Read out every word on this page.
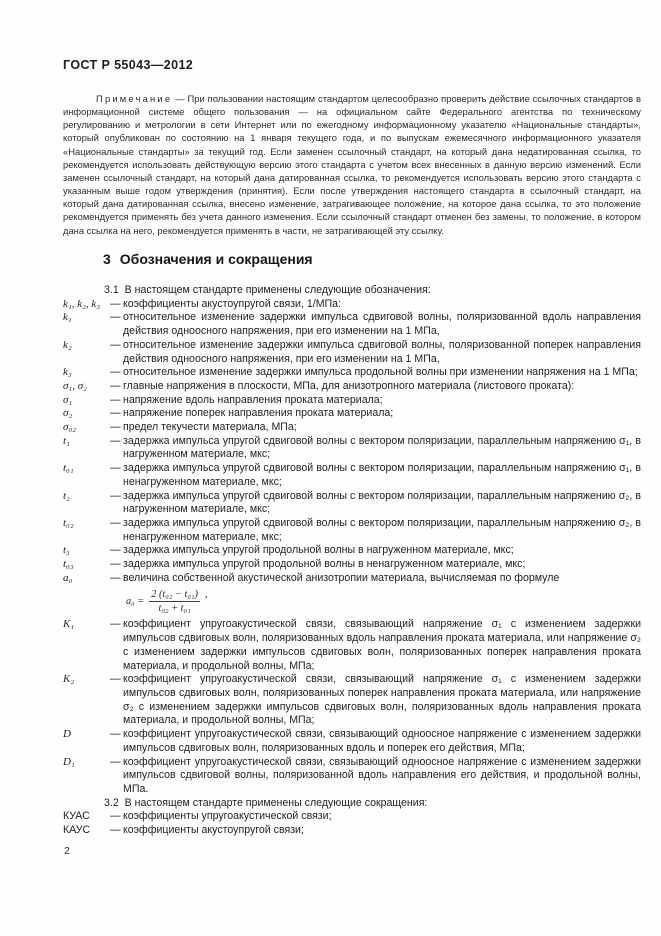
ГОСТ Р 55043—2012

Примечание — При пользовании настоящим стандартом целесообразно проверить действие ссылочных стандартов в информационной системе общего пользования — на официальном сайте Федерального агентства по техническому регулированию и метрологии в сети Интернет или по ежегодному информационному указателю «Национальные стандарты», который опубликован по состоянию на 1 января текущего года, и по выпускам ежемесячного информационного указателя «Национальные стандарты» за текущий год. Если заменен ссылочный стандарт, на который дана недатированная ссылка, то рекомендуется использовать действующую версию этого стандарта с учетом всех внесенных в данную версию изменений. Если заменен ссылочный стандарт, на который дана датированная ссылка, то рекомендуется использовать версию этого стандарта с указанным выше годом утверждения (принятия). Если после утверждения настоящего стандарта в ссылочный стандарт, на который дана датированная ссылка, внесено изменение, затрагивающее положение, на которое дана ссылка, то это положение рекомендуется применять без учета данного изменения. Если ссылочный стандарт отменен без замены, то положение, в котором дана ссылка на него, рекомендуется применять в части, не затрагивающей эту ссылку.

3 Обозначения и сокращения

3.1  В настоящем стандарте применены следующие обозначения:

k₁, k₂, k₃ — коэффициенты акустоупругой связи, 1/МПа:
k₁	— относительное изменение задержки импульса сдвиговой волны, поляризованной вдоль направления действия одноосного напряжения, при его изменении на 1 МПа,
k₂	— относительное изменение задержки импульса сдвиговой волны, поляризованной поперек направления действия одноосного напряжения, при его изменении на 1 МПа,
k₃	— относительное изменение задержки импульса продольной волны при изменении напряжения на 1 МПа;
σ₁, σ₂	— главные напряжения в плоскости, МПа, для анизотропного материала (листового проката):
σ₁	— напряжение вдоль направления проката материала;
σ₂	— напряжение поперек направления проката материала;
σ₀₂	— предел текучести материала, МПа;
t₁	— задержка импульса упругой сдвиговой волны с вектором поляризации, параллельным напряжению σ₁, в нагруженном материале, мкс;
t₀₁	— задержка импульса упругой сдвиговой волны с вектором поляризации, параллельным напряжению σ₁, в ненагруженном материале, мкс;
t₂	— задержка импульса упругой сдвиговой волны с вектором поляризации, параллельным напряжению σ₂, в нагруженном материале, мкс;
t₀₂	— задержка импульса упругой сдвиговой волны с вектором поляризации, параллельным напряжению σ₂, в ненагруженном материале, мкс;
t₃	— задержка импульса упругой продольной волны в нагруженном материале, мкс;
t₀₃	— задержка импульса упругой продольной волны в ненагруженном материале, мкс;
a₀	— величина собственной акустической анизотропии материала, вычисляемая по формуле
$a_0 = \frac{\text{2 (t₀₂ − t₀₁)}}{\text{t₀₂ + t₀₁}}$ ,
K₁	— коэффициент упругоакустической связи, связывающий напряжение σ₁ с изменением задержки импульсов сдвиговых волн, поляризованных вдоль направления проката материала, или напряжение σ₂ с изменением задержки импульсов сдвиговых волн, поляризованных поперек направления проката материала, и продольной волны, МПа;
K₂	— коэффициент упругоакустической связи, связывающий напряжение σ₁ с изменением задержки импульсов сдвиговых волн, поляризованных поперек направления проката материала, или напряжение σ₂ с изменением задержки импульсов сдвиговых волн, поляризованных вдоль направления проката материала, и продольной волны, МПа;
D	— коэффициент упругоакустической связи, связывающий одноосное напряжение с изменением задержки импульсов сдвиговых волн, поляризованных вдоль и поперек его действия, МПа;
D₁	— коэффициент упругоакустической связи, связывающий одноосное напряжение с изменением задержки импульсов сдвиговой волны, поляризованной вдоль направления его действия, и продольной волны, МПа.

3.2  В настоящем стандарте применены следующие сокращения:

КУАС	— коэффициенты упругоакустической связи;
КАУС	— коэффициенты акустоупругой связи;
2
